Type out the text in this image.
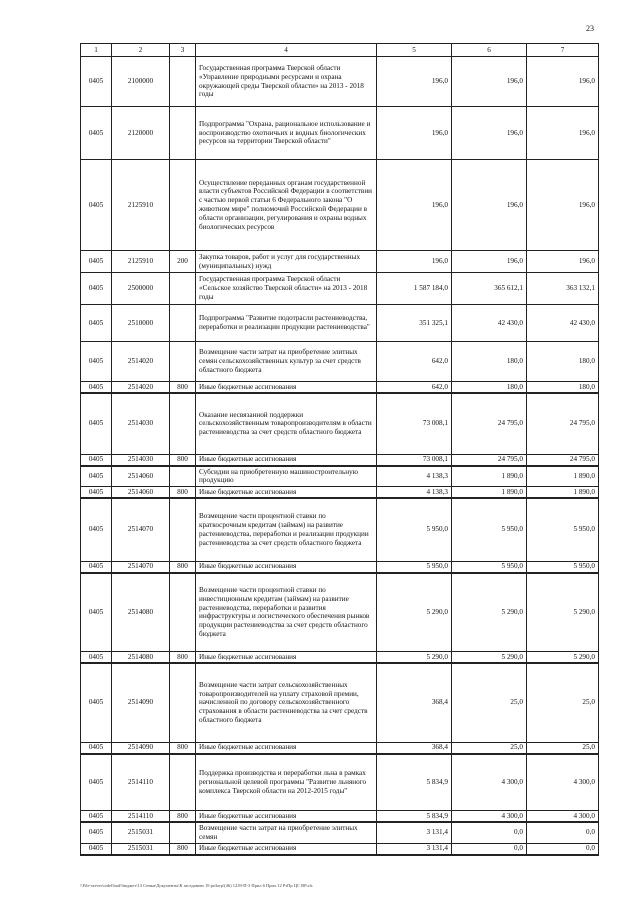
23
1	2	3	4	5	6	7
0405	2100000		Государственная программа Тверской области «Управление природными ресурсами и охрана окружающей среды Тверской области» на 2013 - 2018 годы	196,0	196,0	196,0
0405	2120000		Подпрограмма "Охрана, рациональное использование и воспроизводство охотничьих и водных биологических ресурсов на территории Тверской области"	196,0	196,0	196,0
0405	2125910		Осуществление переданных органам государственной власти субъектов Российской Федерации в соответствии с частью первой статьи 6 Федерального закона "О животном мире" полномочий Российской Федерации в области организации, регулирования и охраны водных биологических ресурсов	196,0	196,0	196,0
0405	2125910	200	Закупка товаров, работ и услуг для государственных (муниципальных) нужд	196,0	196,0	196,0
0405	2500000		Государственная программа Тверской области «Сельское хозяйство Тверской области» на 2013 - 2018 годы	1 587 184,0	365 612,1	363 132,1
0405	2510000		Подпрограмма "Развитие подотрасли растениеводства, переработки и реализации продукции растениеводства"	351 325,1	42 430,0	42 430,0
0405	2514020		Возмещение части затрат на приобретение элитных семян сельскохозяйственных культур за счет средств областного бюджета	642,0	180,0	180,0
0405	2514020	800	Иные бюджетные ассигнования	642,0	180,0	180,0
0405	2514030		Оказание несвязанной поддержки сельскохозяйственным товаропроизводителям в области растениеводства за счет средств областного бюджета	73 008,1	24 795,0	24 795,0
0405	2514030	800	Иные бюджетные ассигнования	73 008,1	24 795,0	24 795,0
0405	2514060		Субсидии на приобретенную машиностроительную продукцию	4 138,3	1 890,0	1 890,0
0405	2514060	800	Иные бюджетные ассигнования	4 138,3	1 890,0	1 890,0
0405	2514070		Возмещение части процентной ставки по краткосрочным кредитам (займам) на развитие растениеводства, переработки и реализации продукции растениеводства за счет средств областного бюджета	5 950,0	5 950,0	5 950,0
0405	2514070	800	Иные бюджетные ассигнования	5 950,0	5 950,0	5 950,0
0405	2514080		Возмещение части процентной ставки по инвестиционным кредитам (займам) на развитие растениеводства, переработки и развития инфраструктуры и логистического обеспечения рынков продукции растениеводства за счет средств областного бюджета	5 290,0	5 290,0	5 290,0
0405	2514080	800	Иные бюджетные ассигнования	5 290,0	5 290,0	5 290,0
0405	2514090		Возмещение части затрат сельскохозяйственных товаропроизводителей на уплату страховой премии, начисленной по договору сельскохозяйственного страхования в области растениеводства за счет средств областного бюджета	368,4	25,0	25,0
0405	2514090	800	Иные бюджетные ассигнования	368,4	25,0	25,0
0405	2514110		Поддержка производства и переработки льна в рамках региональной целевой программы "Развитие льняного комплекса Тверской области на 2012-2015 годы"	5 834,9	4 300,0	4 300,0
0405	2514110	800	Иные бюджетные ассигнования	5 834,9	4 300,0	4 300,0
0405	2515031		Возмещение части затрат на приобретение элитных семян	3 131,4	0,0	0,0
0405	2515031	800	Иные бюджетные ассигнования	3 131,4	0,0	0,0
\\File-server\otdel\bud\бюджет\13 Семья\Документы\К заседанию 19 prilorp\(46) 1239-П-3 Прил 6 Прил 12 РзПр ЦС ВР.xls
